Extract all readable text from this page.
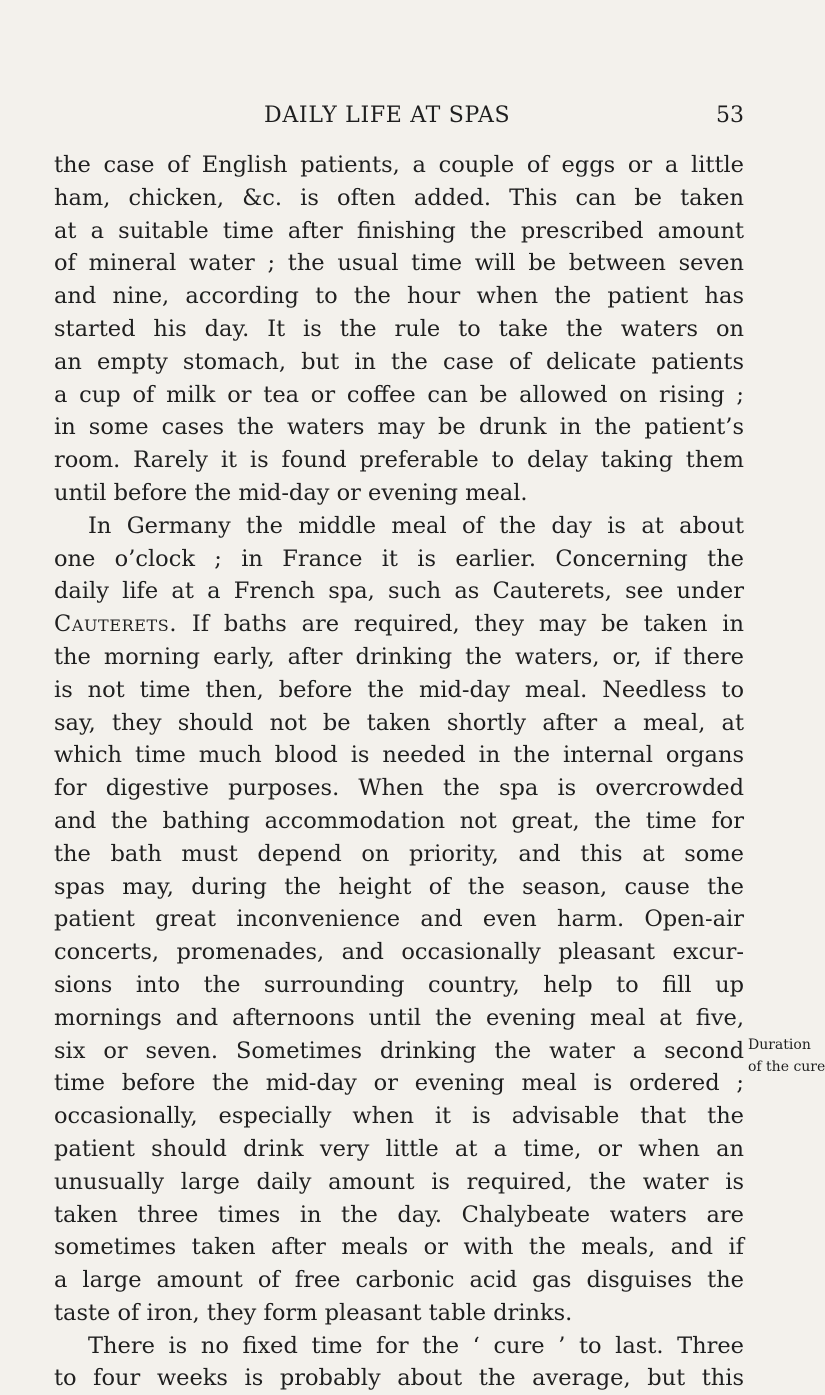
DAILY LIFE AT SPAS	53
the case of English patients, a couple of eggs or a little
ham, chicken, &c. is often added. This can be taken
at a suitable time after finishing the prescribed amount
of mineral water ; the usual time will be between seven
and nine, according to the hour when the patient has
started his day. It is the rule to take the waters on
an empty stomach, but in the case of delicate patients
a cup of milk or tea or coffee can be allowed on rising ;
in some cases the waters may be drunk in the patient’s
room. Rarely it is found preferable to delay taking them
until before the mid-day or evening meal.
In Germany the middle meal of the day is at about
one o’clock ; in France it is earlier. Concerning the
daily life at a French spa, such as Cauterets, see under
Cauterets. If baths are required, they may be taken in
the morning early, after drinking the waters, or, if there
is not time then, before the mid-day meal. Needless to
say, they should not be taken shortly after a meal, at
which time much blood is needed in the internal organs
for digestive purposes. When the spa is overcrowded
and the bathing accommodation not great, the time for
the bath must depend on priority, and this at some
spas may, during the height of the season, cause the
patient great inconvenience and even harm. Open-air
concerts, promenades, and occasionally pleasant excur-
sions into the surrounding country, help to fill up
mornings and afternoons until the evening meal at five,
six or seven. Sometimes drinking the water a second
time before the mid-day or evening meal is ordered ;
occasionally, especially when it is advisable that the
patient should drink very little at a time, or when an
unusually large daily amount is required, the water is
taken three times in the day. Chalybeate waters are
sometimes taken after meals or with the meals, and if
a large amount of free carbonic acid gas disguises the
taste of iron, they form pleasant table drinks.
There is no fixed time for the ‘ cure ’ to last. Three
to four weeks is probably about the average, but this
Duration
of the cure
